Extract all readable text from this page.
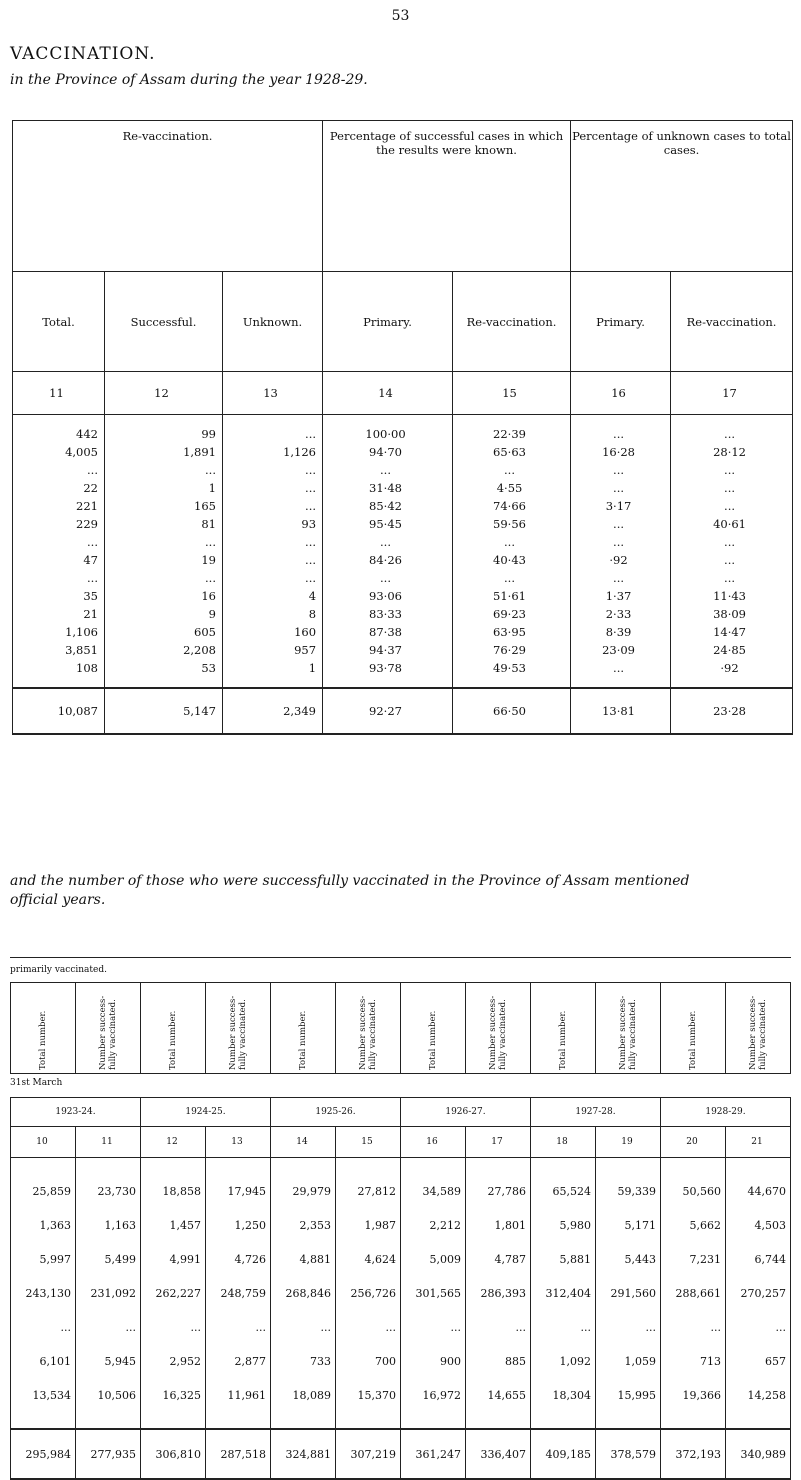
53
VACCINATION.
in the Province of Assam during the year 1928-29.
Re-vaccination.			Percentage of successful cases in which the results were known.		Percentage of unknown cases to total cases.	
Total.	Successful.	Unknown.	Primary.	Re-vaccination.	Primary.	Re-vaccination.
11	12	13	14	15	16	17

442	99	...	100·00	22·39	...	...
4,005	1,891	1,126	94·70	65·63	16·28	28·12
...	...	...	...	...	...	...
22	1	...	31·48	4·55	...	...
221	165	...	85·42	74·66	3·17	...
229	81	93	95·45	59·56	...	40·61
...	...	...	...	...	...	...
47	19	...	84·26	40·43	·92	...
...	...	...	...	...	...	...
35	16	4	93·06	51·61	1·37	11·43
21	9	8	83·33	69·23	2·33	38·09
1,106	605	160	87·38	63·95	8·39	14·47
3,851	2,208	957	94·37	76·29	23·09	24·85
108	53	1	93·78	49·53	...	·92

10,087	5,147	2,349	92·27	66·50	13·81	23·28
and the number of those who were successfully vaccinated in the Province of Assam mentioned official years.
primarily vaccinated.
Total number.	Number success- fully vaccinated.	Total number.	Number success- fully vaccinated.	Total number.	Number success- fully vaccinated.	Total number.	Number success- fully vaccinated.	Total number.	Number success- fully vaccinated.	Total number.	Number success- fully vaccinated.
31st March
1923-24.		1924-25.		1925-26.		1926-27.		1927-28.		1928-29.	
10	11	12	13	14	15	16	17	18	19	20	21

25,859	23,730	18,858	17,945	29,979	27,812	34,589	27,786	65,524	59,339	50,560	44,670
1,363	1,163	1,457	1,250	2,353	1,987	2,212	1,801	5,980	5,171	5,662	4,503
5,997	5,499	4,991	4,726	4,881	4,624	5,009	4,787	5,881	5,443	7,231	6,744
243,130	231,092	262,227	248,759	268,846	256,726	301,565	286,393	312,404	291,560	288,661	270,257
...	...	...	...	...	...	...	...	...	...	...	...
6,101	5,945	2,952	2,877	733	700	900	885	1,092	1,059	713	657
13,534	10,506	16,325	11,961	18,089	15,370	16,972	14,655	18,304	15,995	19,366	14,258

295,984	277,935	306,810	287,518	324,881	307,219	361,247	336,407	409,185	378,579	372,193	340,989
